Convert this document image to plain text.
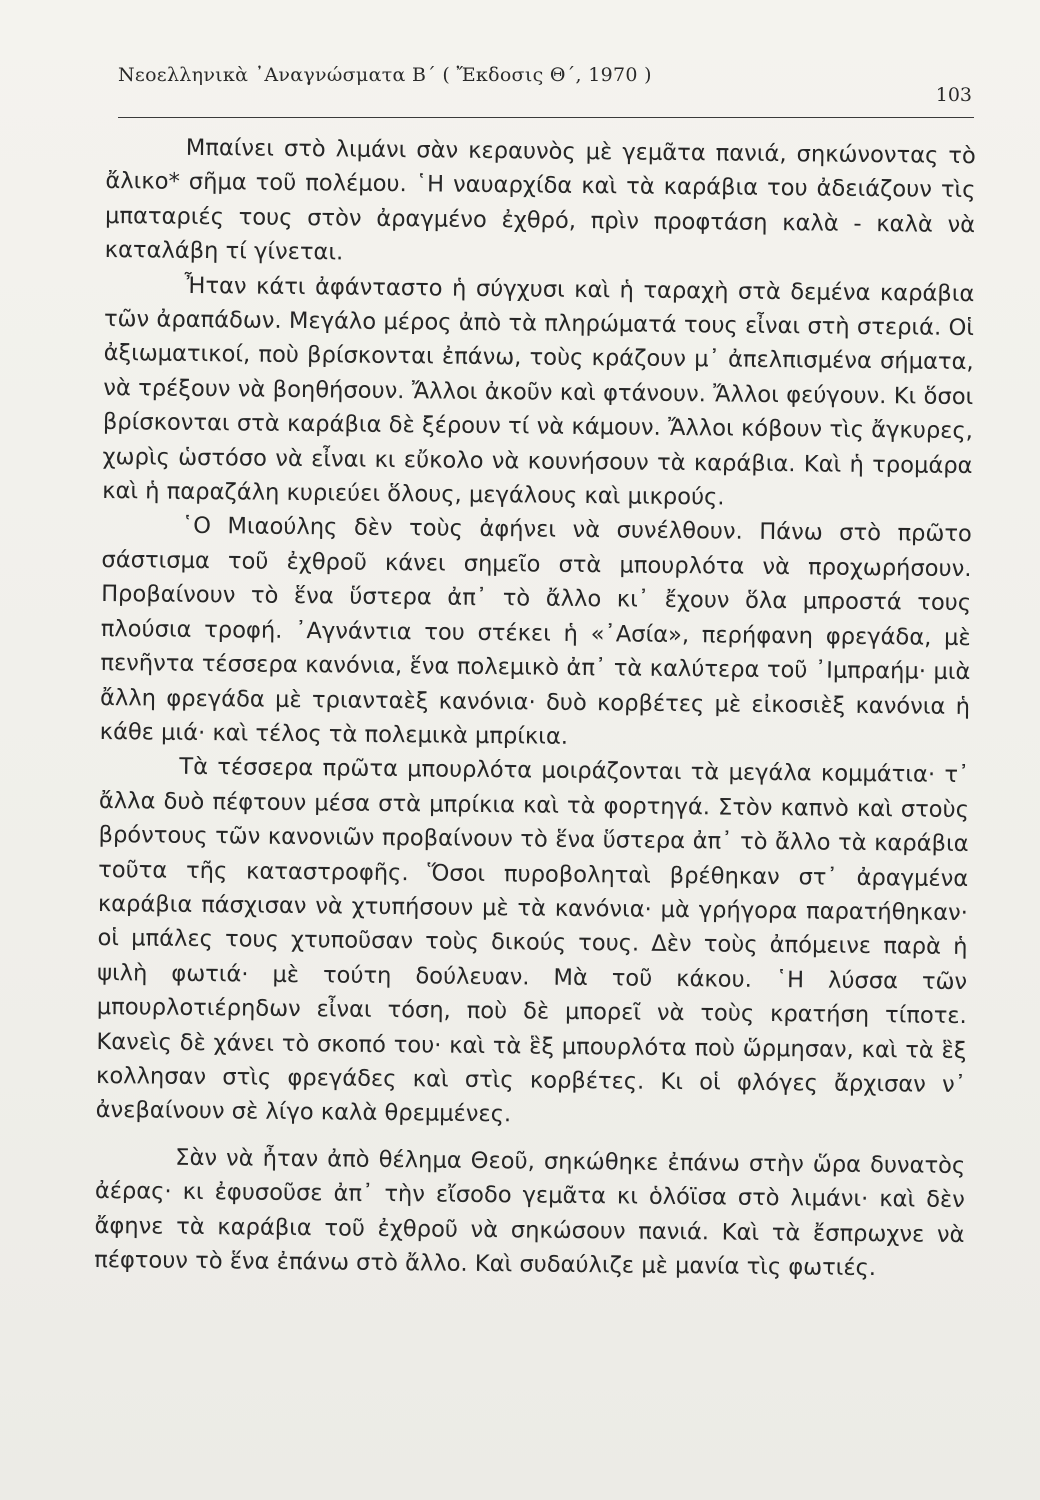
Νεοελληνικὰ ᾽Αναγνώσματα Β΄ ( Ἔκδοσις Θ΄, 1970 )
103

Μπαίνει στὸ λιμάνι σὰν κεραυνὸς μὲ γεμᾶτα πανιά, σηκώνοντας τὸ ἄλικο* σῆμα τοῦ πολέμου. ῾Η ναυαρχίδα καὶ τὰ καράβια του ἀδειάζουν τὶς μπαταριές τους στὸν ἀραγμένο ἐχθρό, πρὶν προφτάση καλὰ - καλὰ νὰ καταλάβη τί γίνεται.

Ἦταν κάτι ἀφάνταστο ἡ σύγχυσι καὶ ἡ ταραχὴ στὰ δεμένα καράβια τῶν ἀραπάδων. Μεγάλο μέρος ἀπὸ τὰ πληρώματά τους εἶναι στὴ στεριά. Οἱ ἀξιωματικοί, ποὺ βρίσκονται ἐπάνω, τοὺς κράζουν μ᾽ ἀπελπισμένα σήματα, νὰ τρέξουν νὰ βοηθήσουν. Ἄλλοι ἀκοῦν καὶ φτάνουν. Ἄλλοι φεύγουν. Κι ὅσοι βρίσκονται στὰ καράβια δὲ ξέρουν τί νὰ κάμουν. Ἄλλοι κόβουν τὶς ἄγκυρες, χωρὶς ὡστόσο νὰ εἶναι κι εὔκολο νὰ κουνήσουν τὰ καράβια. Καὶ ἡ τρομάρα καὶ ἡ παραζάλη κυριεύει ὅλους, μεγάλους καὶ μικρούς.

῾Ο Μιαούλης δὲν τοὺς ἀφήνει νὰ συνέλθουν. Πάνω στὸ πρῶτο σάστισμα τοῦ ἐχθροῦ κάνει σημεῖο στὰ μπουρλότα νὰ προχωρήσουν. Προβαίνουν τὸ ἕνα ὕστερα ἀπ᾽ τὸ ἄλλο κι᾽ ἔχουν ὅλα μπροστά τους πλούσια τροφή. ᾽Αγνάντια του στέκει ἡ «᾽Ασία», περήφανη φρεγάδα, μὲ πενῆντα τέσσερα κανόνια, ἕνα πολεμικὸ ἀπ᾽ τὰ καλύτερα τοῦ ᾽Ιμπραήμ· μιὰ ἄλλη φρεγάδα μὲ τριανταὲξ κανόνια· δυὸ κορβέτες μὲ εἰκοσιὲξ κανόνια ἡ κάθε μιά· καὶ τέλος τὰ πολεμικὰ μπρίκια.

Τὰ τέσσερα πρῶτα μπουρλότα μοιράζονται τὰ μεγάλα κομμάτια· τ᾽ ἄλλα δυὸ πέφτουν μέσα στὰ μπρίκια καὶ τὰ φορτηγά. Στὸν καπνὸ καὶ στοὺς βρόντους τῶν κανονιῶν προβαίνουν τὸ ἕνα ὕστερα ἀπ᾽ τὸ ἄλλο τὰ καράβια τοῦτα τῆς καταστροφῆς. Ὅσοι πυροβοληταὶ βρέθηκαν στ᾽ ἀραγμένα καράβια πάσχισαν νὰ χτυπήσουν μὲ τὰ κανόνια· μὰ γρήγορα παρατήθηκαν· οἱ μπάλες τους χτυποῦσαν τοὺς δικούς τους. Δὲν τοὺς ἀπόμεινε παρὰ ἡ ψιλὴ φωτιά· μὲ τούτη δούλευαν. Μὰ τοῦ κάκου. ῾Η λύσσα τῶν μπουρλοτιέρηδων εἶναι τόση, ποὺ δὲ μπορεῖ νὰ τοὺς κρατήση τίποτε. Κανεὶς δὲ χάνει τὸ σκοπό του· καὶ τὰ ἓξ μπουρλότα ποὺ ὥρμησαν, καὶ τὰ ἓξ κολλησαν στὶς φρεγάδες καὶ στὶς κορβέτες. Κι οἱ φλόγες ἄρχισαν ν᾽ ἀνεβαίνουν σὲ λίγο καλὰ θρεμμένες.

Σὰν νὰ ἦταν ἀπὸ θέλημα Θεοῦ, σηκώθηκε ἐπάνω στὴν ὥρα δυνατὸς ἀέρας· κι ἐφυσοῦσε ἀπ᾽ τὴν εἴσοδο γεμᾶτα κι ὁλόϊσα στὸ λιμάνι· καὶ δὲν ἄφηνε τὰ καράβια τοῦ ἐχθροῦ νὰ σηκώσουν πανιά. Καὶ τὰ ἔσπρωχνε νὰ πέφτουν τὸ ἕνα ἐπάνω στὸ ἄλλο. Καὶ συδαύλιζε μὲ μανία τὶς φωτιές.
